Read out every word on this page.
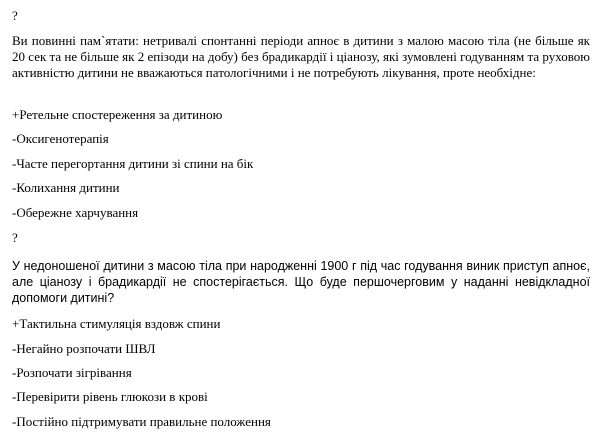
?
Ви повинні пам`ятати: нетривалі спонтанні періоди апноє в дитини з малою масою тіла (не більше як 20 сек та не більше як 2 епізоди на добу) без брадикардії і ціанозу, які зумовлені годуванням та руховою активністю дитини не вважаються патологічними і не потребують лікування, проте необхідне:
+Ретельне спостереження за дитиною
-Оксигенотерапія
-Часте перегортання дитини зі спини на бік
-Колихання дитини
-Обережне харчування
?
У недоношеної дитини з масою тіла при народженні 1900 г під час годування виник приступ апноє, але ціанозу і брадикардії не спостерігається. Що буде першочерговим у наданні невідкладної допомоги дитині?
+Тактильна стимуляція вздовж спини
-Негайно розпочати ШВЛ
-Розпочати зігрівання
-Перевірити рівень глюкози в крові
-Постійно підтримувати правильне положення
